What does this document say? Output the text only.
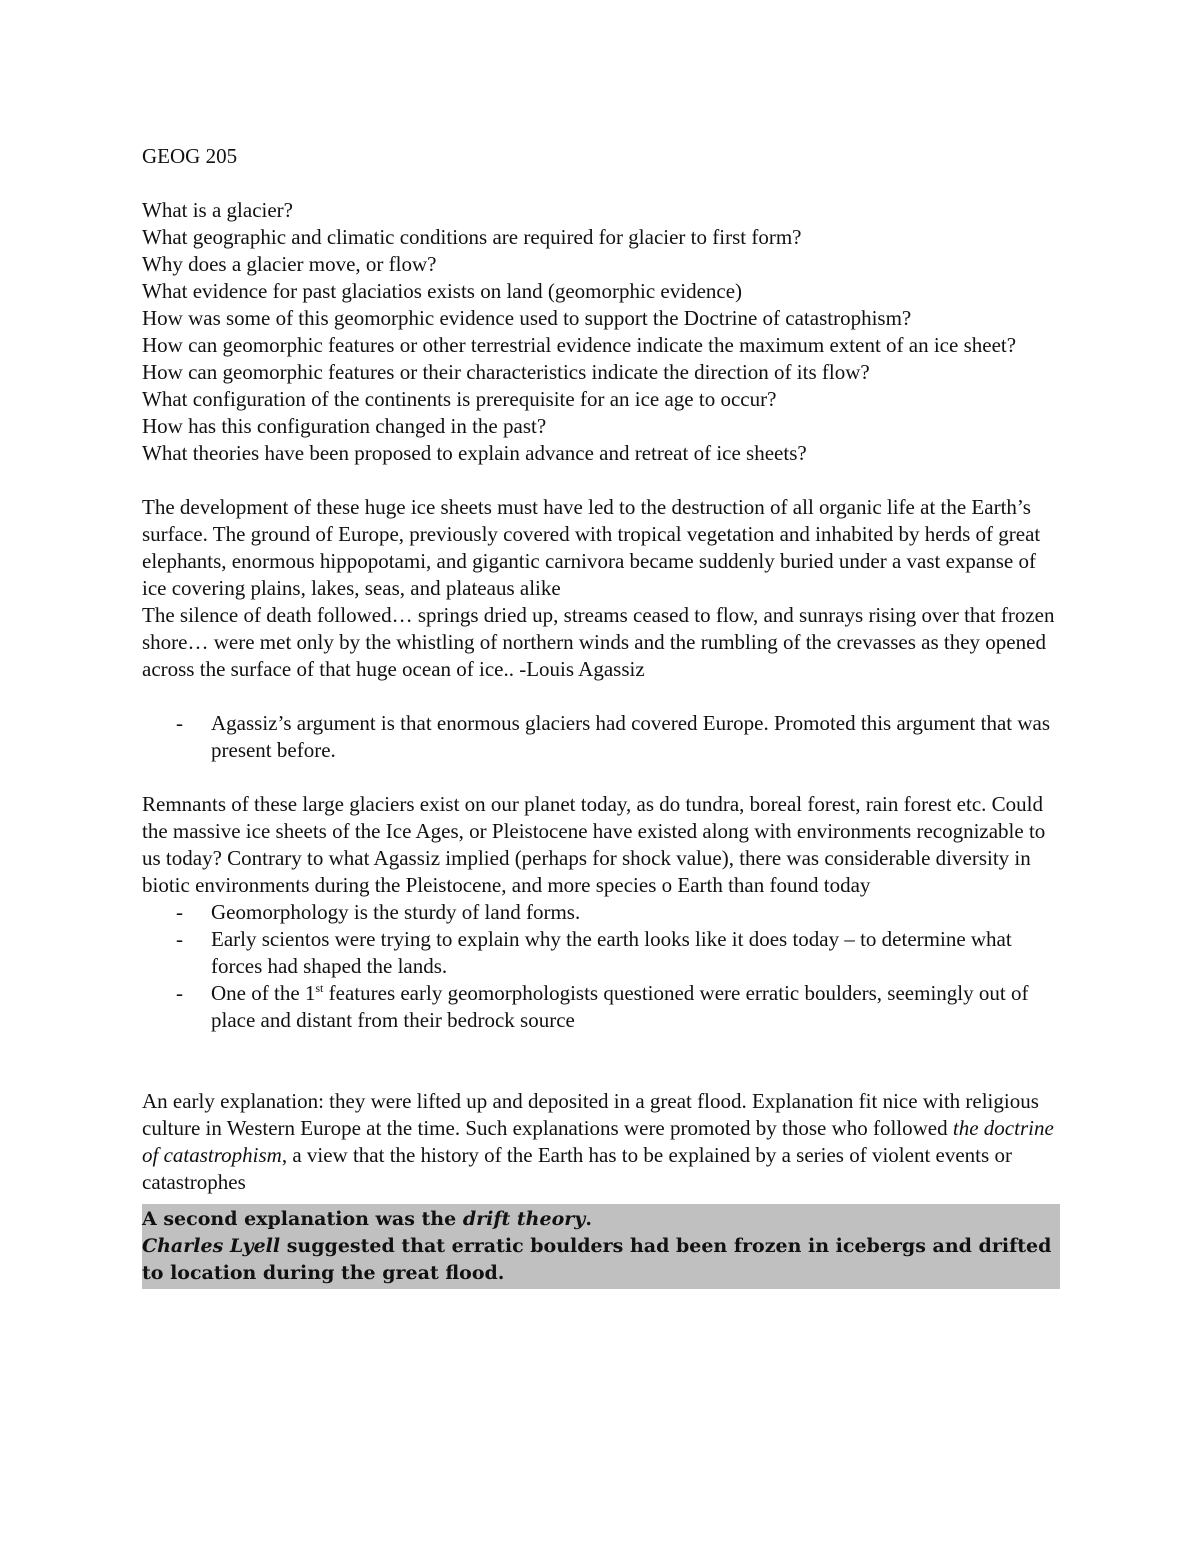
GEOG 205

What is a glacier?

What geographic and climatic conditions are required for glacier to first form?

Why does a glacier move, or flow?

What evidence for past glaciatios exists on land (geomorphic evidence)

How was some of this geomorphic evidence used to support the Doctrine of catastrophism?

How can geomorphic features or other terrestrial evidence indicate the maximum extent of an ice sheet?

How can geomorphic features or their characteristics indicate the direction of its flow?

What configuration of the continents is prerequisite for an ice age to occur?

How has this configuration changed in the past?

What theories have been proposed to explain advance and retreat of ice sheets?

The development of these huge ice sheets must have led to the destruction of all organic life at the Earth’s surface. The ground of Europe, previously covered with tropical vegetation and inhabited by herds of great elephants, enormous hippopotami, and gigantic carnivora became suddenly buried under a vast expanse of ice covering plains, lakes, seas, and plateaus alike

The silence of death followed… springs dried up, streams ceased to flow, and sunrays rising over that frozen shore… were met only by the whistling of northern winds and the rumbling of the crevasses as they opened across the surface of that huge ocean of ice.. -Louis Agassiz

- Agassiz’s argument is that enormous glaciers had covered Europe. Promoted this argument that was present before.

Remnants of these large glaciers exist on our planet today, as do tundra, boreal forest, rain forest etc. Could the massive ice sheets of the Ice Ages, or Pleistocene have existed along with environments recognizable to us today? Contrary to what Agassiz implied (perhaps for shock value), there was considerable diversity in biotic environments during the Pleistocene, and more species o Earth than found today

- Geomorphology is the sturdy of land forms.
- Early scientos were trying to explain why the earth looks like it does today – to determine what forces had shaped the lands.
- One of the 1st features early geomorphologists questioned were erratic boulders, seemingly out of place and distant from their bedrock source

An early explanation: they were lifted up and deposited in a great flood. Explanation fit nice with religious culture in Western Europe at the time. Such explanations were promoted by those who followed the doctrine of catastrophism, a view that the history of the Earth has to be explained by a series of violent events or catastrophes

A second explanation was the drift theory.
Charles Lyell suggested that erratic boulders had been frozen in icebergs and drifted to location during the great flood.
